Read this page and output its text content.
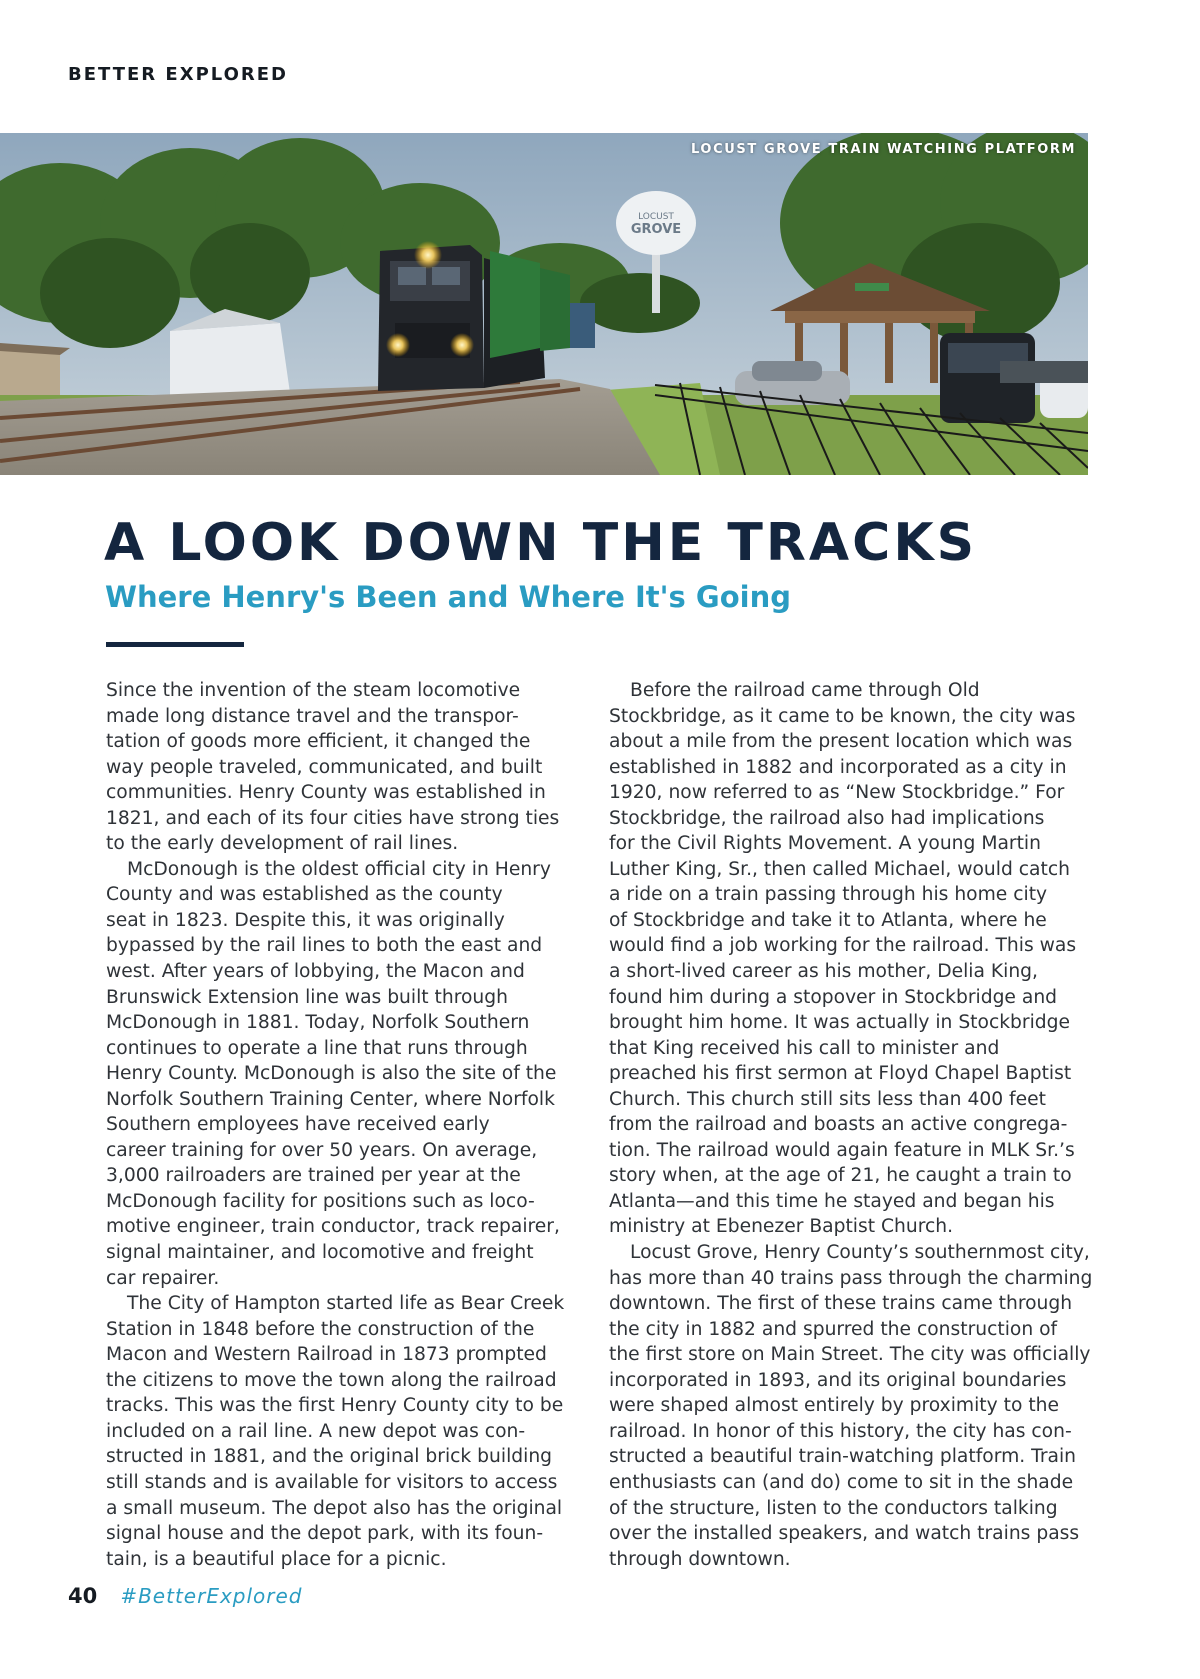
BETTER EXPLORED
LOCUST
GROVE
LOCUST GROVE TRAIN WATCHING PLATFORM
A LOOK DOWN THE TRACKS
Where Henry's Been and Where It's Going
Since the invention of the steam locomotive
made long distance travel and the transpor-
tation of goods more efficient, it changed the
way people traveled, communicated, and built
communities. Henry County was established in
1821, and each of its four cities have strong ties
to the early development of rail lines.
McDonough is the oldest official city in Henry
County and was established as the county
seat in 1823. Despite this, it was originally
bypassed by the rail lines to both the east and
west. After years of lobbying, the Macon and
Brunswick Extension line was built through
McDonough in 1881. Today, Norfolk Southern
continues to operate a line that runs through
Henry County. McDonough is also the site of the
Norfolk Southern Training Center, where Norfolk
Southern employees have received early
career training for over 50 years. On average,
3,000 railroaders are trained per year at the
McDonough facility for positions such as loco-
motive engineer, train conductor, track repairer,
signal maintainer, and locomotive and freight
car repairer.
The City of Hampton started life as Bear Creek
Station in 1848 before the construction of the
Macon and Western Railroad in 1873 prompted
the citizens to move the town along the railroad
tracks. This was the first Henry County city to be
included on a rail line. A new depot was con-
structed in 1881, and the original brick building
still stands and is available for visitors to access
a small museum. The depot also has the original
signal house and the depot park, with its foun-
tain, is a beautiful place for a picnic.
Before the railroad came through Old
Stockbridge, as it came to be known, the city was
about a mile from the present location which was
established in 1882 and incorporated as a city in
1920, now referred to as “New Stockbridge.” For
Stockbridge, the railroad also had implications
for the Civil Rights Movement. A young Martin
Luther King, Sr., then called Michael, would catch
a ride on a train passing through his home city
of Stockbridge and take it to Atlanta, where he
would find a job working for the railroad. This was
a short-lived career as his mother, Delia King,
found him during a stopover in Stockbridge and
brought him home. It was actually in Stockbridge
that King received his call to minister and
preached his first sermon at Floyd Chapel Baptist
Church. This church still sits less than 400 feet
from the railroad and boasts an active congrega-
tion. The railroad would again feature in MLK Sr.’s
story when, at the age of 21, he caught a train to
Atlanta—and this time he stayed and began his
ministry at Ebenezer Baptist Church.
Locust Grove, Henry County’s southernmost city,
has more than 40 trains pass through the charming
downtown. The first of these trains came through
the city in 1882 and spurred the construction of
the first store on Main Street. The city was officially
incorporated in 1893, and its original boundaries
were shaped almost entirely by proximity to the
railroad. In honor of this history, the city has con-
structed a beautiful train-watching platform. Train
enthusiasts can (and do) come to sit in the shade
of the structure, listen to the conductors talking
over the installed speakers, and watch trains pass
through downtown.
40 #BetterExplored
